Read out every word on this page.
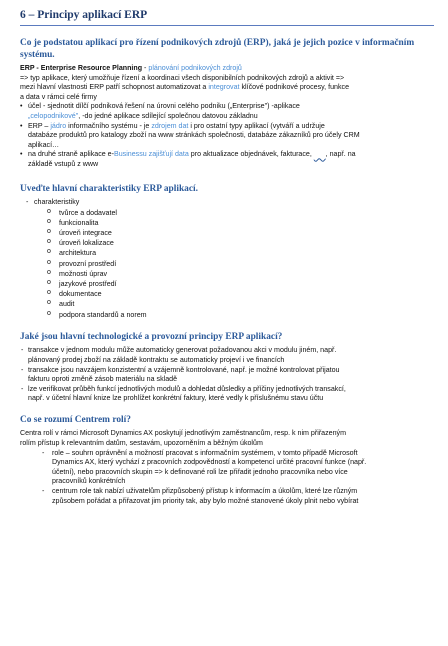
6 – Principy aplikací ERP
Co je podstatou aplikací pro řízení podnikových zdrojů (ERP), jaká je jejich pozice v informačním systému.

ERP - Enterprise Resource Planning - plánování podnikových zdrojů

=> typ aplikace, který umožňuje řízení a koordinaci všech disponibilních podnikových zdrojů a aktivit =>

mezi hlavní vlastnosti ERP patří schopnost automatizovat a integrovat klíčové podnikové procesy, funkce

a data v rámci celé firmy

• účel - sjednotit dílčí podniková řešení na úrovni celého podniku („Enterprise") -aplikace

„celopodnikové", -do jedné aplikace sdílející společnou datovou základnu

• ERP – jádro informačního systému - je zdrojem dat i pro ostatní typy aplikací (vytváří a udržuje

databáze produktů pro katalogy zboží na www stránkách společnosti, databáze zákazníků pro účely CRM

aplikací…

• na druhé straně aplikace e-Businessu zajišťují data pro aktualizace objednávek, fakturace, , např. na

základě vstupů z www

Uveďte hlavní charakteristiky ERP aplikací.
- charakteristiky
o tvůrce a dodavatel
o funkcionalita
o úroveň integrace
o úroveň lokalizace
o architektura
o provozní prostředí
o možnosti úprav
o jazykové prostředí
o dokumentace
o audit
o podpora standardů a norem
Jaké jsou hlavní technologické a provozní principy ERP aplikací?

- transakce v jednom modulu může automaticky generovat požadovanou akci v modulu jiném, např.

plánovaný prodej zboží na základě kontraktu se automaticky projeví i ve financích

- transakce jsou navzájem konzistentní a vzájemně kontrolované, např. je možné kontrolovat přijatou

fakturu oproti změně zásob materiálu na skladě

- lze verifikovat průběh funkcí jednotlivých modulů a dohledat důsledky a příčiny jednotlivých transakcí,

např. v účetní hlavní knize lze prohlížet konkrétní faktury, které vedly k příslušnému stavu účtu

Co se rozumí Centrem rolí?

Centra rolí v rámci Microsoft Dynamics AX poskytují jednotlivým zaměstnancům, resp. k nim přiřazeným

rolím přístup k relevantním datům, sestavám, upozorněním a běžným úkolům

- role – souhrn oprávnění a možností pracovat s informačním systémem, v tomto případě Microsoft

Dynamics AX, který vychází z pracovních zodpovědností a kompetencí určité pracovní funkce (např.

účetní), nebo pracovních skupin => k definované roli lze přiřadit jednoho pracovníka nebo více

pracovníků konkrétních

- centrum role tak nabízí uživatelům přizpůsobený přístup k informacím a úkolům, které lze různým

způsobem pořádat a přiřazovat jim priority tak, aby bylo možné stanovené úkoly plnit nebo vybírat
